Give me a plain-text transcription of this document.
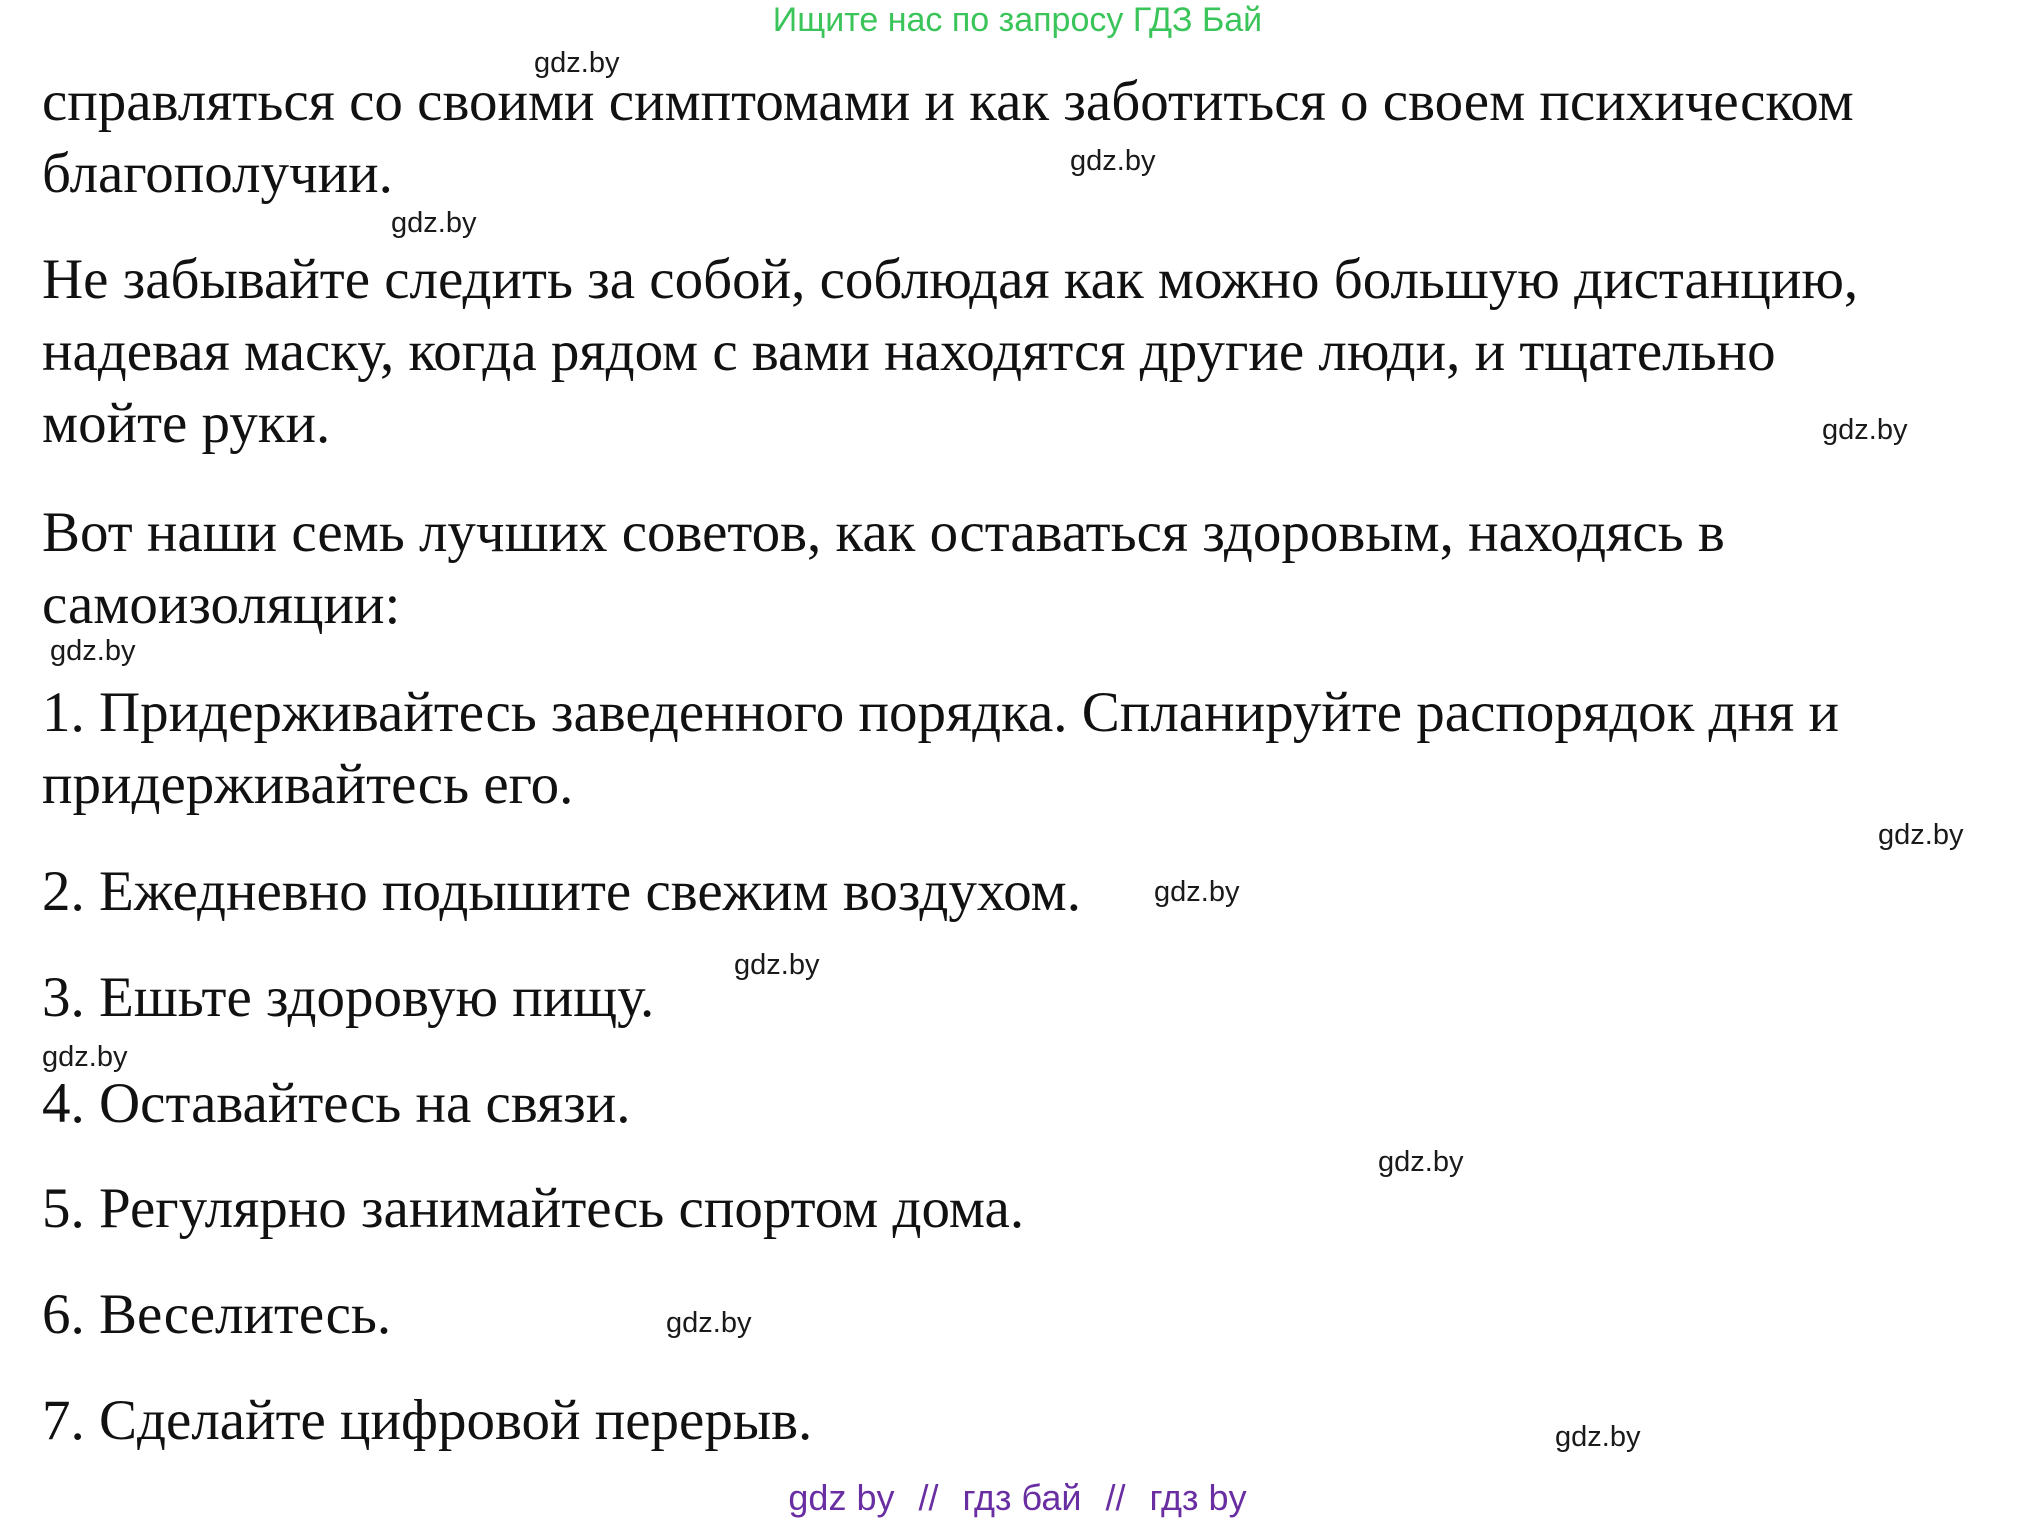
Ищите нас по запросу ГДЗ Бай
справляться со своими симптомами и как заботиться о своем психическом
благополучии.
Не забывайте следить за собой, соблюдая как можно большую дистанцию,
надевая маску, когда рядом с вами находятся другие люди, и тщательно
мойте руки.
Вот наши семь лучших советов, как оставаться здоровым, находясь в
самоизоляции:
1. Придерживайтесь заведенного порядка. Спланируйте распорядок дня и
придерживайтесь его.
2. Ежедневно подышите свежим воздухом.
3. Ешьте здоровую пищу.
4. Оставайтесь на связи.
5. Регулярно занимайтесь спортом дома.
6. Веселитесь.
7. Сделайте цифровой перерыв.
gdz.by
gdz.by
gdz.by
gdz.by
gdz.by
gdz.by
gdz.by
gdz.by
gdz.by
gdz.by
gdz.by
gdz.by
gdz by // гдз бай // гдз by
